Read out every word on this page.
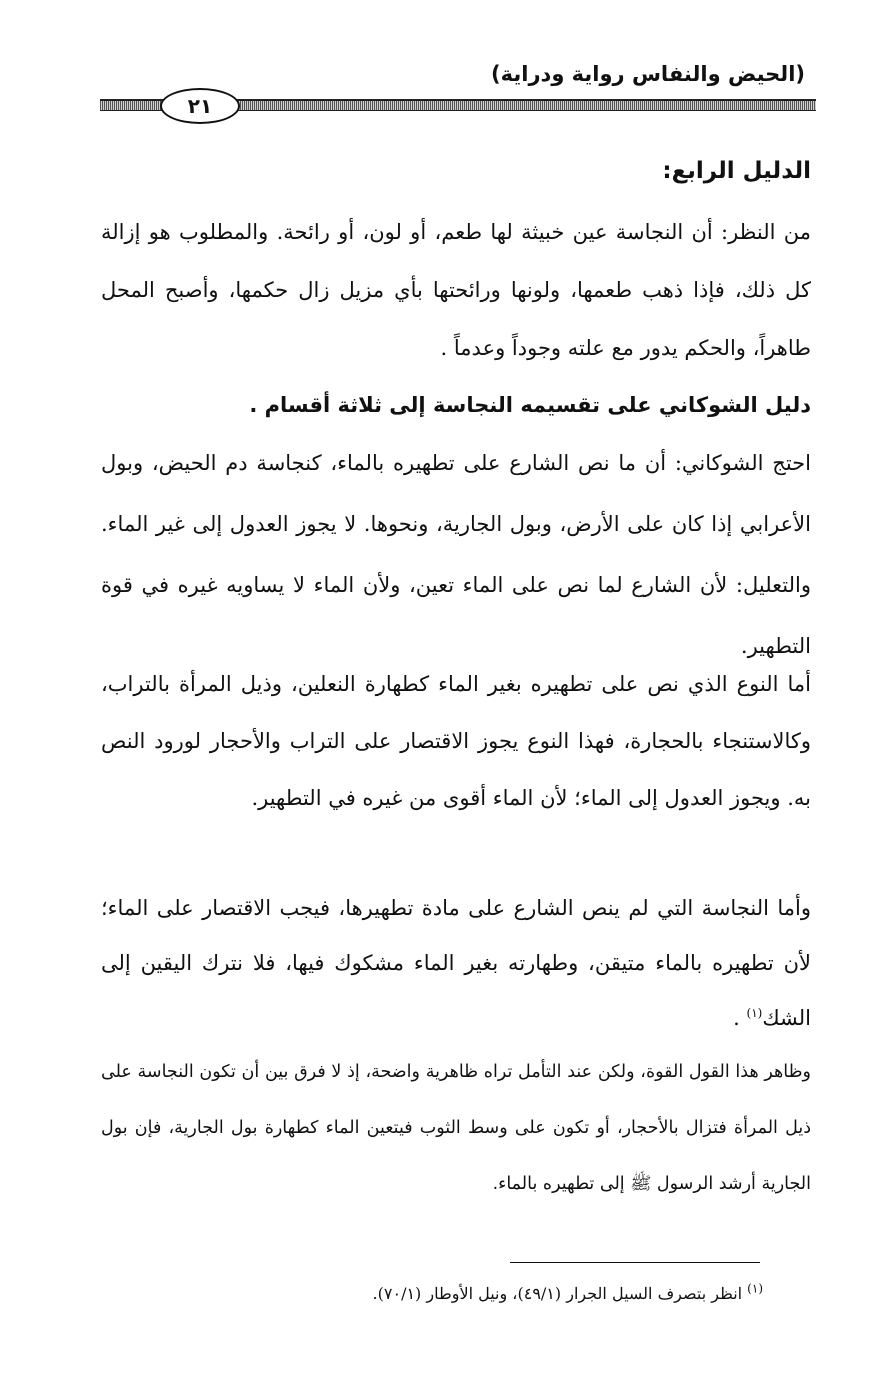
(الحيض والنفاس رواية ودراية)
٢١
الدليل الرابع:
من النظر: أن النجاسة عين خبيثة لها طعم، أو لون، أو رائحة. والمطلوب هو إزالة كل ذلك، فإذا ذهب طعمها، ولونها ورائحتها بأي مزيل زال حكمها، وأصبح المحل طاهراً، والحكم يدور مع علته وجوداً وعدماً .
دليل الشوكاني على تقسيمه النجاسة إلى ثلاثة أقسام .
احتج الشوكاني: أن ما نص الشارع على تطهيره بالماء، كنجاسة دم الحيض، وبول الأعرابي إذا كان على الأرض، وبول الجارية، ونحوها. لا يجوز العدول إلى غير الماء. والتعليل: لأن الشارع لما نص على الماء تعين، ولأن الماء لا يساويه غيره في قوة التطهير.
أما النوع الذي نص على تطهيره بغير الماء كطهارة النعلين، وذيل المرأة بالتراب، وكالاستنجاء بالحجارة، فهذا النوع يجوز الاقتصار على التراب والأحجار لورود النص به. ويجوز العدول إلى الماء؛ لأن الماء أقوى من غيره في التطهير.
وأما النجاسة التي لم ينص الشارع على مادة تطهيرها، فيجب الاقتصار على الماء؛ لأن تطهيره بالماء متيقن، وطهارته بغير الماء مشكوك فيها، فلا نترك اليقين إلى الشك$^{(١)}$ .
وظاهر هذا القول القوة، ولكن عند التأمل تراه ظاهرية واضحة، إذ لا فرق بين أن تكون النجاسة على ذيل المرأة فتزال بالأحجار، أو تكون على وسط الثوب فيتعين الماء كطهارة بول الجارية، فإن بول الجارية أرشد الرسول ﷺ إلى تطهيره بالماء.
$^{(١)}$ انظر بتصرف السيل الجرار (٤٩/١)، ونيل الأوطار (٧٠/١).
